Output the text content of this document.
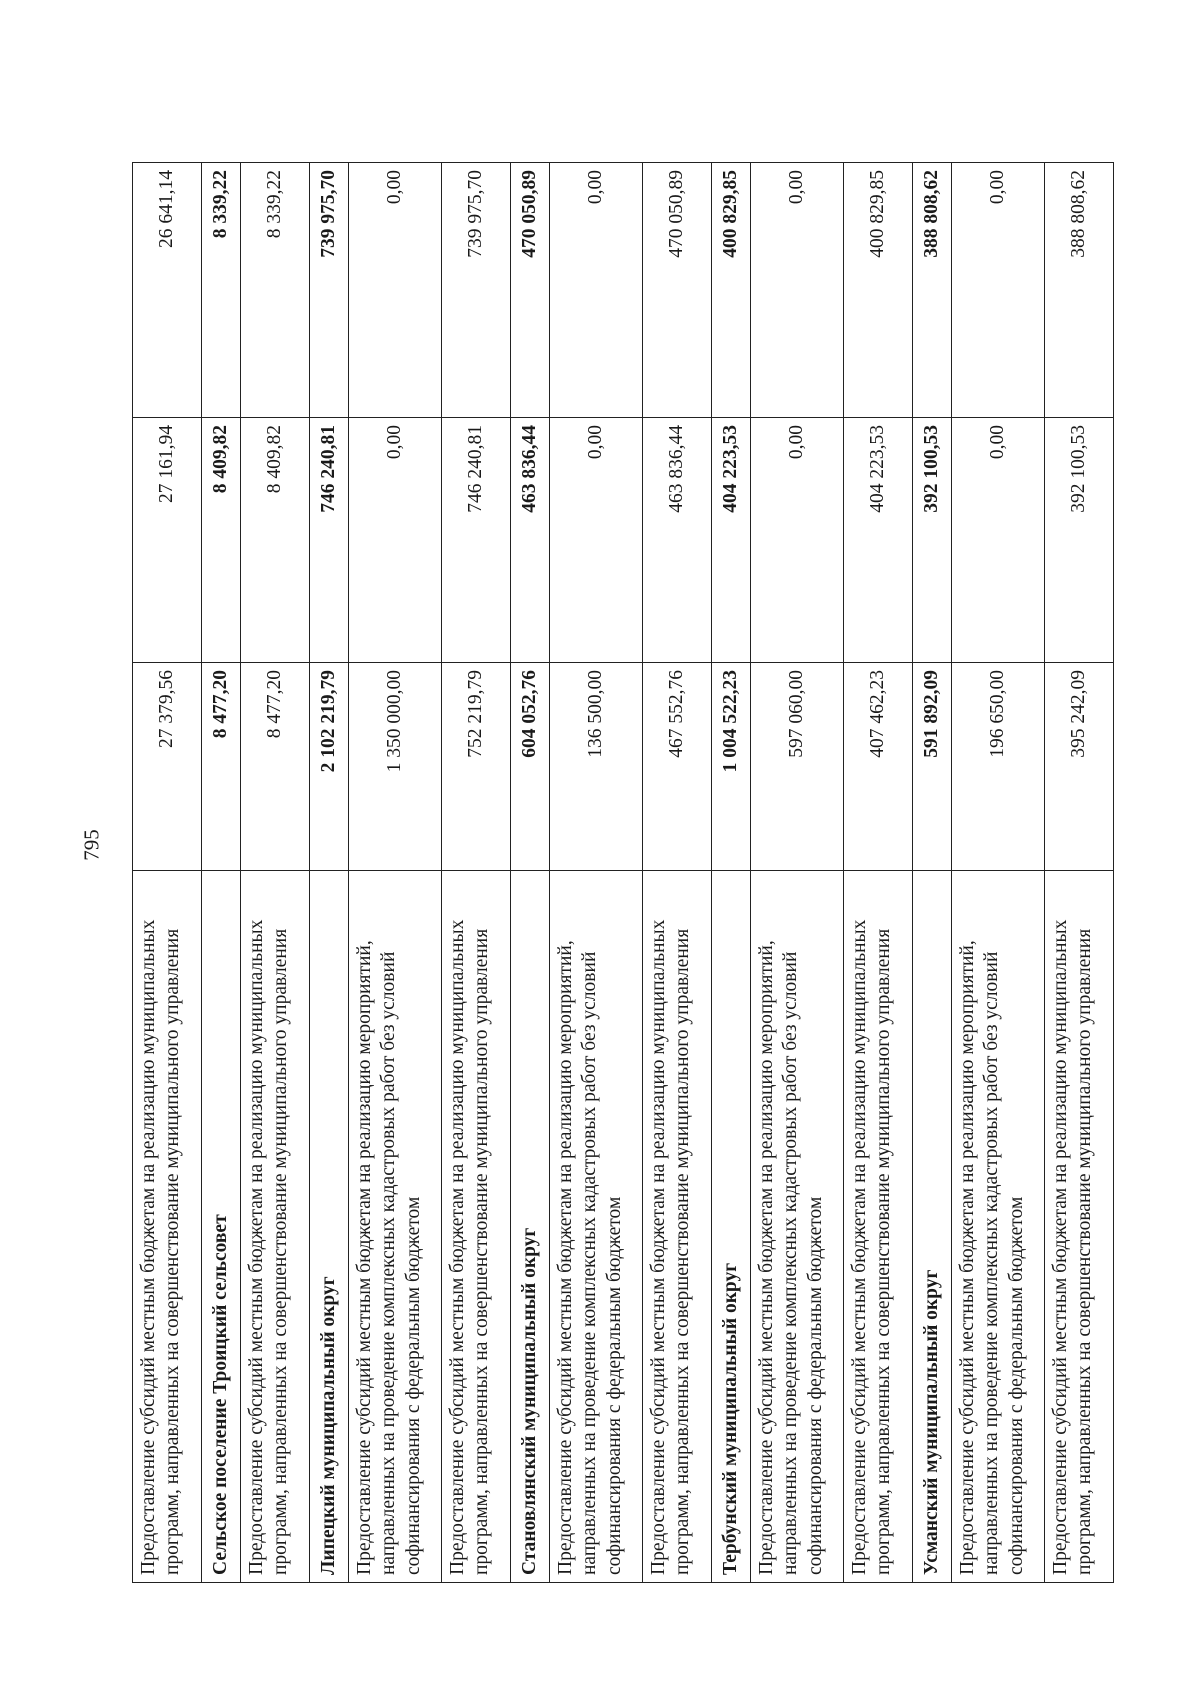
795
Предоставление субсидий местным бюджетам на реализацию муниципальных программ, направленных на совершенствование муниципального управления	27 379,56	27 161,94	26 641,14
Сельское поселение Троицкий сельсовет	8 477,20	8 409,82	8 339,22
Предоставление субсидий местным бюджетам на реализацию муниципальных программ, направленных на совершенствование муниципального управления	8 477,20	8 409,82	8 339,22
Липецкий муниципальный округ	2 102 219,79	746 240,81	739 975,70
Предоставление субсидий местным бюджетам на реализацию мероприятий, направленных на проведение комплексных кадастровых работ без условий софинансирования с федеральным бюджетом	1 350 000,00	0,00	0,00
Предоставление субсидий местным бюджетам на реализацию муниципальных программ, направленных на совершенствование муниципального управления	752 219,79	746 240,81	739 975,70
Становлянский муниципальный округ	604 052,76	463 836,44	470 050,89
Предоставление субсидий местным бюджетам на реализацию мероприятий, направленных на проведение комплексных кадастровых работ без условий софинансирования с федеральным бюджетом	136 500,00	0,00	0,00
Предоставление субсидий местным бюджетам на реализацию муниципальных программ, направленных на совершенствование муниципального управления	467 552,76	463 836,44	470 050,89
Тербунский муниципальный округ	1 004 522,23	404 223,53	400 829,85
Предоставление субсидий местным бюджетам на реализацию мероприятий, направленных на проведение комплексных кадастровых работ без условий софинансирования с федеральным бюджетом	597 060,00	0,00	0,00
Предоставление субсидий местным бюджетам на реализацию муниципальных программ, направленных на совершенствование муниципального управления	407 462,23	404 223,53	400 829,85
Усманский муниципальный округ	591 892,09	392 100,53	388 808,62
Предоставление субсидий местным бюджетам на реализацию мероприятий, направленных на проведение комплексных кадастровых работ без условий софинансирования с федеральным бюджетом	196 650,00	0,00	0,00
Предоставление субсидий местным бюджетам на реализацию муниципальных программ, направленных на совершенствование муниципального управления	395 242,09	392 100,53	388 808,62
